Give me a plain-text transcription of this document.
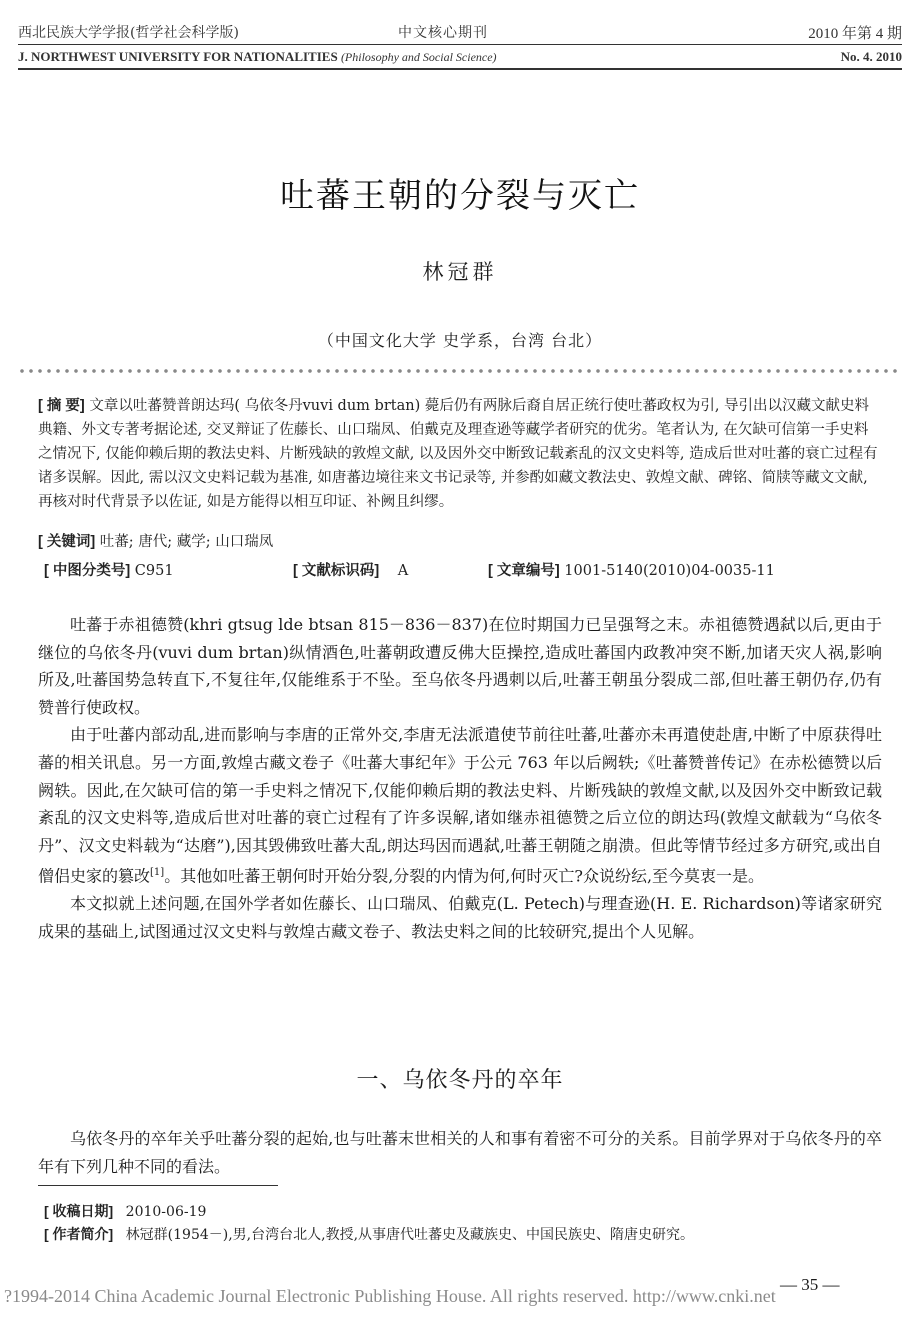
西北民族大学学报(哲学社会科学版)	中文核心期刊	2010 年第 4 期
J. NORTHWEST UNIVERSITY FOR NATIONALITIES (Philosophy and Social Science)	No. 4. 2010
吐蕃王朝的分裂与灭亡
林冠群
（中国文化大学 史学系，台湾 台北）
[ 摘 要] 文章以吐蕃赞普朗达玛( 乌依冬丹vuvi dum brtan) 薨后仍有两脉后裔自居正统行使吐蕃政权为引, 导引出以汉藏文献史料典籍、外文专著考据论述, 交叉辩证了佐藤长、山口瑞凤、伯戴克及理查逊等藏学者研究的优劣。笔者认为, 在欠缺可信第一手史料之情况下, 仅能仰赖后期的教法史料、片断残缺的敦煌文献, 以及因外交中断致记载紊乱的汉文史料等, 造成后世对吐蕃的衰亡过程有诸多误解。因此, 需以汉文史料记载为基准, 如唐蕃边境往来文书记录等, 并参酌如藏文教法史、敦煌文献、碑铭、简牍等藏文文献, 再核对时代背景予以佐证, 如是方能得以相互印证、补阙且纠缪。
[ 关键词] 吐蕃; 唐代; 藏学; 山口瑞凤
[ 中图分类号] C951	[ 文献标识码] A	[ 文章编号] 1001-5140(2010)04-0035-11

吐蕃于赤祖德赞(khri gtsug lde btsan 815－836－837)在位时期国力已呈强弩之末。赤祖德赞遇弑以后,更由于继位的乌依冬丹(vuvi dum brtan)纵情酒色,吐蕃朝政遭反佛大臣操控,造成吐蕃国内政教冲突不断,加诸天灾人祸,影响所及,吐蕃国势急转直下,不复往年,仅能维系于不坠。至乌依冬丹遇刺以后,吐蕃王朝虽分裂成二部,但吐蕃王朝仍存,仍有赞普行使政权。

由于吐蕃内部动乱,进而影响与李唐的正常外交,李唐无法派遣使节前往吐蕃,吐蕃亦未再遣使赴唐,中断了中原获得吐蕃的相关讯息。另一方面,敦煌古藏文卷子《吐蕃大事纪年》于公元 763 年以后阙轶;《吐蕃赞普传记》在赤松德赞以后阙轶。因此,在欠缺可信的第一手史料之情况下,仅能仰赖后期的教法史料、片断残缺的敦煌文献,以及因外交中断致记载紊乱的汉文史料等,造成后世对吐蕃的衰亡过程有了许多误解,诸如继赤祖德赞之后立位的朗达玛(敦煌文献载为“乌依冬丹”、汉文史料载为“达磨”),因其毁佛致吐蕃大乱,朗达玛因而遇弑,吐蕃王朝随之崩溃。但此等情节经过多方研究,或出自僧侣史家的篡改[1]。其他如吐蕃王朝何时开始分裂,分裂的内情为何,何时灭亡?众说纷纭,至今莫衷一是。

本文拟就上述问题,在国外学者如佐藤长、山口瑞凤、伯戴克(L. Petech)与理查逊(H. E. Richardson)等诸家研究成果的基础上,试图通过汉文史料与敦煌古藏文卷子、教法史料之间的比较研究,提出个人见解。

一、乌依冬丹的卒年

乌依冬丹的卒年关乎吐蕃分裂的起始,也与吐蕃末世相关的人和事有着密不可分的关系。目前学界对于乌依冬丹的卒年有下列几种不同的看法。

[ 收稿日期] 2010-06-19
[ 作者简介] 林冠群(1954－),男,台湾台北人,教授,从事唐代吐蕃史及藏族史、中国民族史、隋唐史研究。
— 35 —
?1994-2014 China Academic Journal Electronic Publishing House. All rights reserved. http://www.cnki.net
